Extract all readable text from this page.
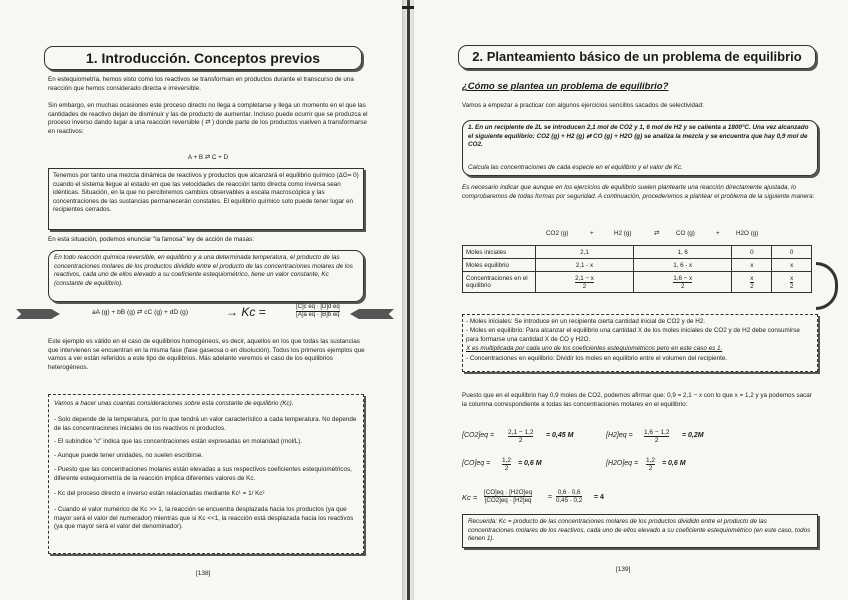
1. Introducción. Conceptos previos
En estequiometría, hemos visto como los reactivos se transforman en productos durante el transcurso de una reacción que hemos considerado directa e irreversible.
Sin embargo, en muchas ocasiones este proceso directo no llega a completarse y llega un momento en el que las cantidades de reactivo dejan de disminuir y las de producto de aumentar. Incluso puede ocurrir que se produzca el proceso inverso dando lugar a una reacción reversible ( ⇄ ) donde parte de los productos vuelven a transformarse en reactivos:
A + B ⇄ C + D
Tenemos por tanto una mezcla dinámica de reactivos y productos que alcanzará el equilibrio químico (ΔG= 0) cuando el sistema llegue al estado en que las velocidades de reacción tanto directa como inversa sean idénticas. Situación, en la que no percibiremos cambios observables a escala macroscópica y las concentraciones de las sustancias permanecerán constates. El equilibrio químico solo puede tener lugar en recipientes cerrados.
En esta situación, podemos enunciar "la famosa" ley de acción de masas:
En todo reacción química reversible, en equilibrio y a una determinada temperatura, el producto de las concentraciones molares de los productos dividido entre el producto de las concentraciones molares de los reactivos, cada uno de ellos elevado a su coeficiente estequiométrico, tiene un valor constante, Kc (constante de equilibrio).
aA (g) + bB (g) ⇄ cC (g) + dD (g)	→ Kc =	$\frac{\text{[C]c eq · [D]d eq}}{\text{[A]a eq · [B]b eq}}$
Este ejemplo es válido en el caso de equilibrios homogéneos, es decir, aquellos en los que todas las sustancias que intervienen se encuentran en la misma fase (fase gaseosa o en disolución). Todos los primeros ejemplos que vamos a ver están referidos a este tipo de equilibrios. Más adelante veremos el caso de los equilibrios heterogéneos.
Vamos a hacer unas cuantas consideraciones sobre esta constante de equilibrio (Kc).
- Solo depende de la temperatura, por lo que tendrá un valor característico a cada temperatura. No depende de las concentraciones iniciales de los reactivos ni productos.
- El subíndice "c" indica que las concentraciones están expresadas en molaridad (mol/L).
- Aunque puede tener unidades, no suelen escribirse.
- Puesto que las concentraciones molares están elevadas a sus respectivos coeficientes estequiométricos, diferente estequiometría de la reacción implica diferentes valores de Kc.
- Kc del proceso directo e inverso están relacionadas mediante Kc¹ = 1/ Kc²
- Cuando el valor numérico de Kc >> 1, la reacción se encuentra desplazada hacia los productos (ya que mayor será el valor del numerador) mientras que si Kc <<1, la reacción está desplazada hacia los reactivos (ya que mayor será el valor del denominador).
[138]
2. Planteamiento básico de un problema de equilibrio
¿Cómo se plantea un problema de equilibrio?
Vamos a empezar a practicar con algunos ejercicios sencillos sacados de selectividad:
1. En un recipiente de 2L se introducen 2,1 mol de CO2 y 1, 6 mol de H2 y se calienta a 1800°C. Una vez alcanzado el siguiente equilibrio: CO2 (g) + H2 (g) ⇄ CO (g) + H2O (g) se analiza la mezcla y se encuentra que hay 0,9 mol de CO2.
Calcula las concentraciones de cada especie en el equilibrio y el valor de Kc.
Es necesario indicar que aunque en los ejercicios de equilibrio suelen plantearte una reacción directamente ajustada, lo comprobaremos de todas formas por seguridad. A continuación, procederemos a plantear el problema de la siguiente manera:
CO2 (g)	+	H2 (g)	⇄	CO (g)	+	H2O (g)
Moles iniciales	2,1	1, 6	0	0
Moles equilibrio	2,1 - x	1, 6 - x	x	x
Concentraciones en el equilibrio	$\frac{2,1 - x}{2}$	$\frac{1,6 - x}{2}$	$\frac{x}{2}$	$\frac{x}{2}$
- Moles iniciales: Se introduce en un recipiente cierta cantidad inicial de CO2 y de H2.
- Moles en equilibrio: Para alcanzar el equilibrio una cantidad X de los moles iniciales de CO2 y de H2 debe consumirse para formarse una cantidad X de CO y H2O.
X es multiplicada por cada uno de los coeficientes estequiométricos pero en este caso es 1.
- Concentraciones en equilibrio: Dividir los moles en equilibrio entre el volumen del recipiente.
Puesto que en el equilibrio hay 0,9 moles de CO2, podemos afirmar que: 0,9 = 2,1 − x con lo que x = 1,2 y ya podemos sacar la columna correspondiente a todas las concentraciones molares en el equilibrio:
$[CO2]eq = \frac{2,1 - 1,2}{2} = 0,45$ M	$[H2]eq = \frac{1,6 - 1,2}{2} = 0,2M$
$[CO]eq = \frac{1,2}{2} = 0,6$ M	$[H2O]eq = \frac{1,2}{2} = 0,6$ M
$Kc = \frac{[CO]eq \cdot [H2O]eq}{[CO2]eq \cdot [H2]eq} = \frac{0,6 \cdot 0,6}{0,45 \cdot 0,2} = 4$
Recuerda: Kc = producto de las concentraciones molares de los productos dividido entre el producto de las concentraciones molares de los reactivos, cada uno de ellos elevado a su coeficiente estequiométrico (en este caso, todos tienen 1).
[139]
